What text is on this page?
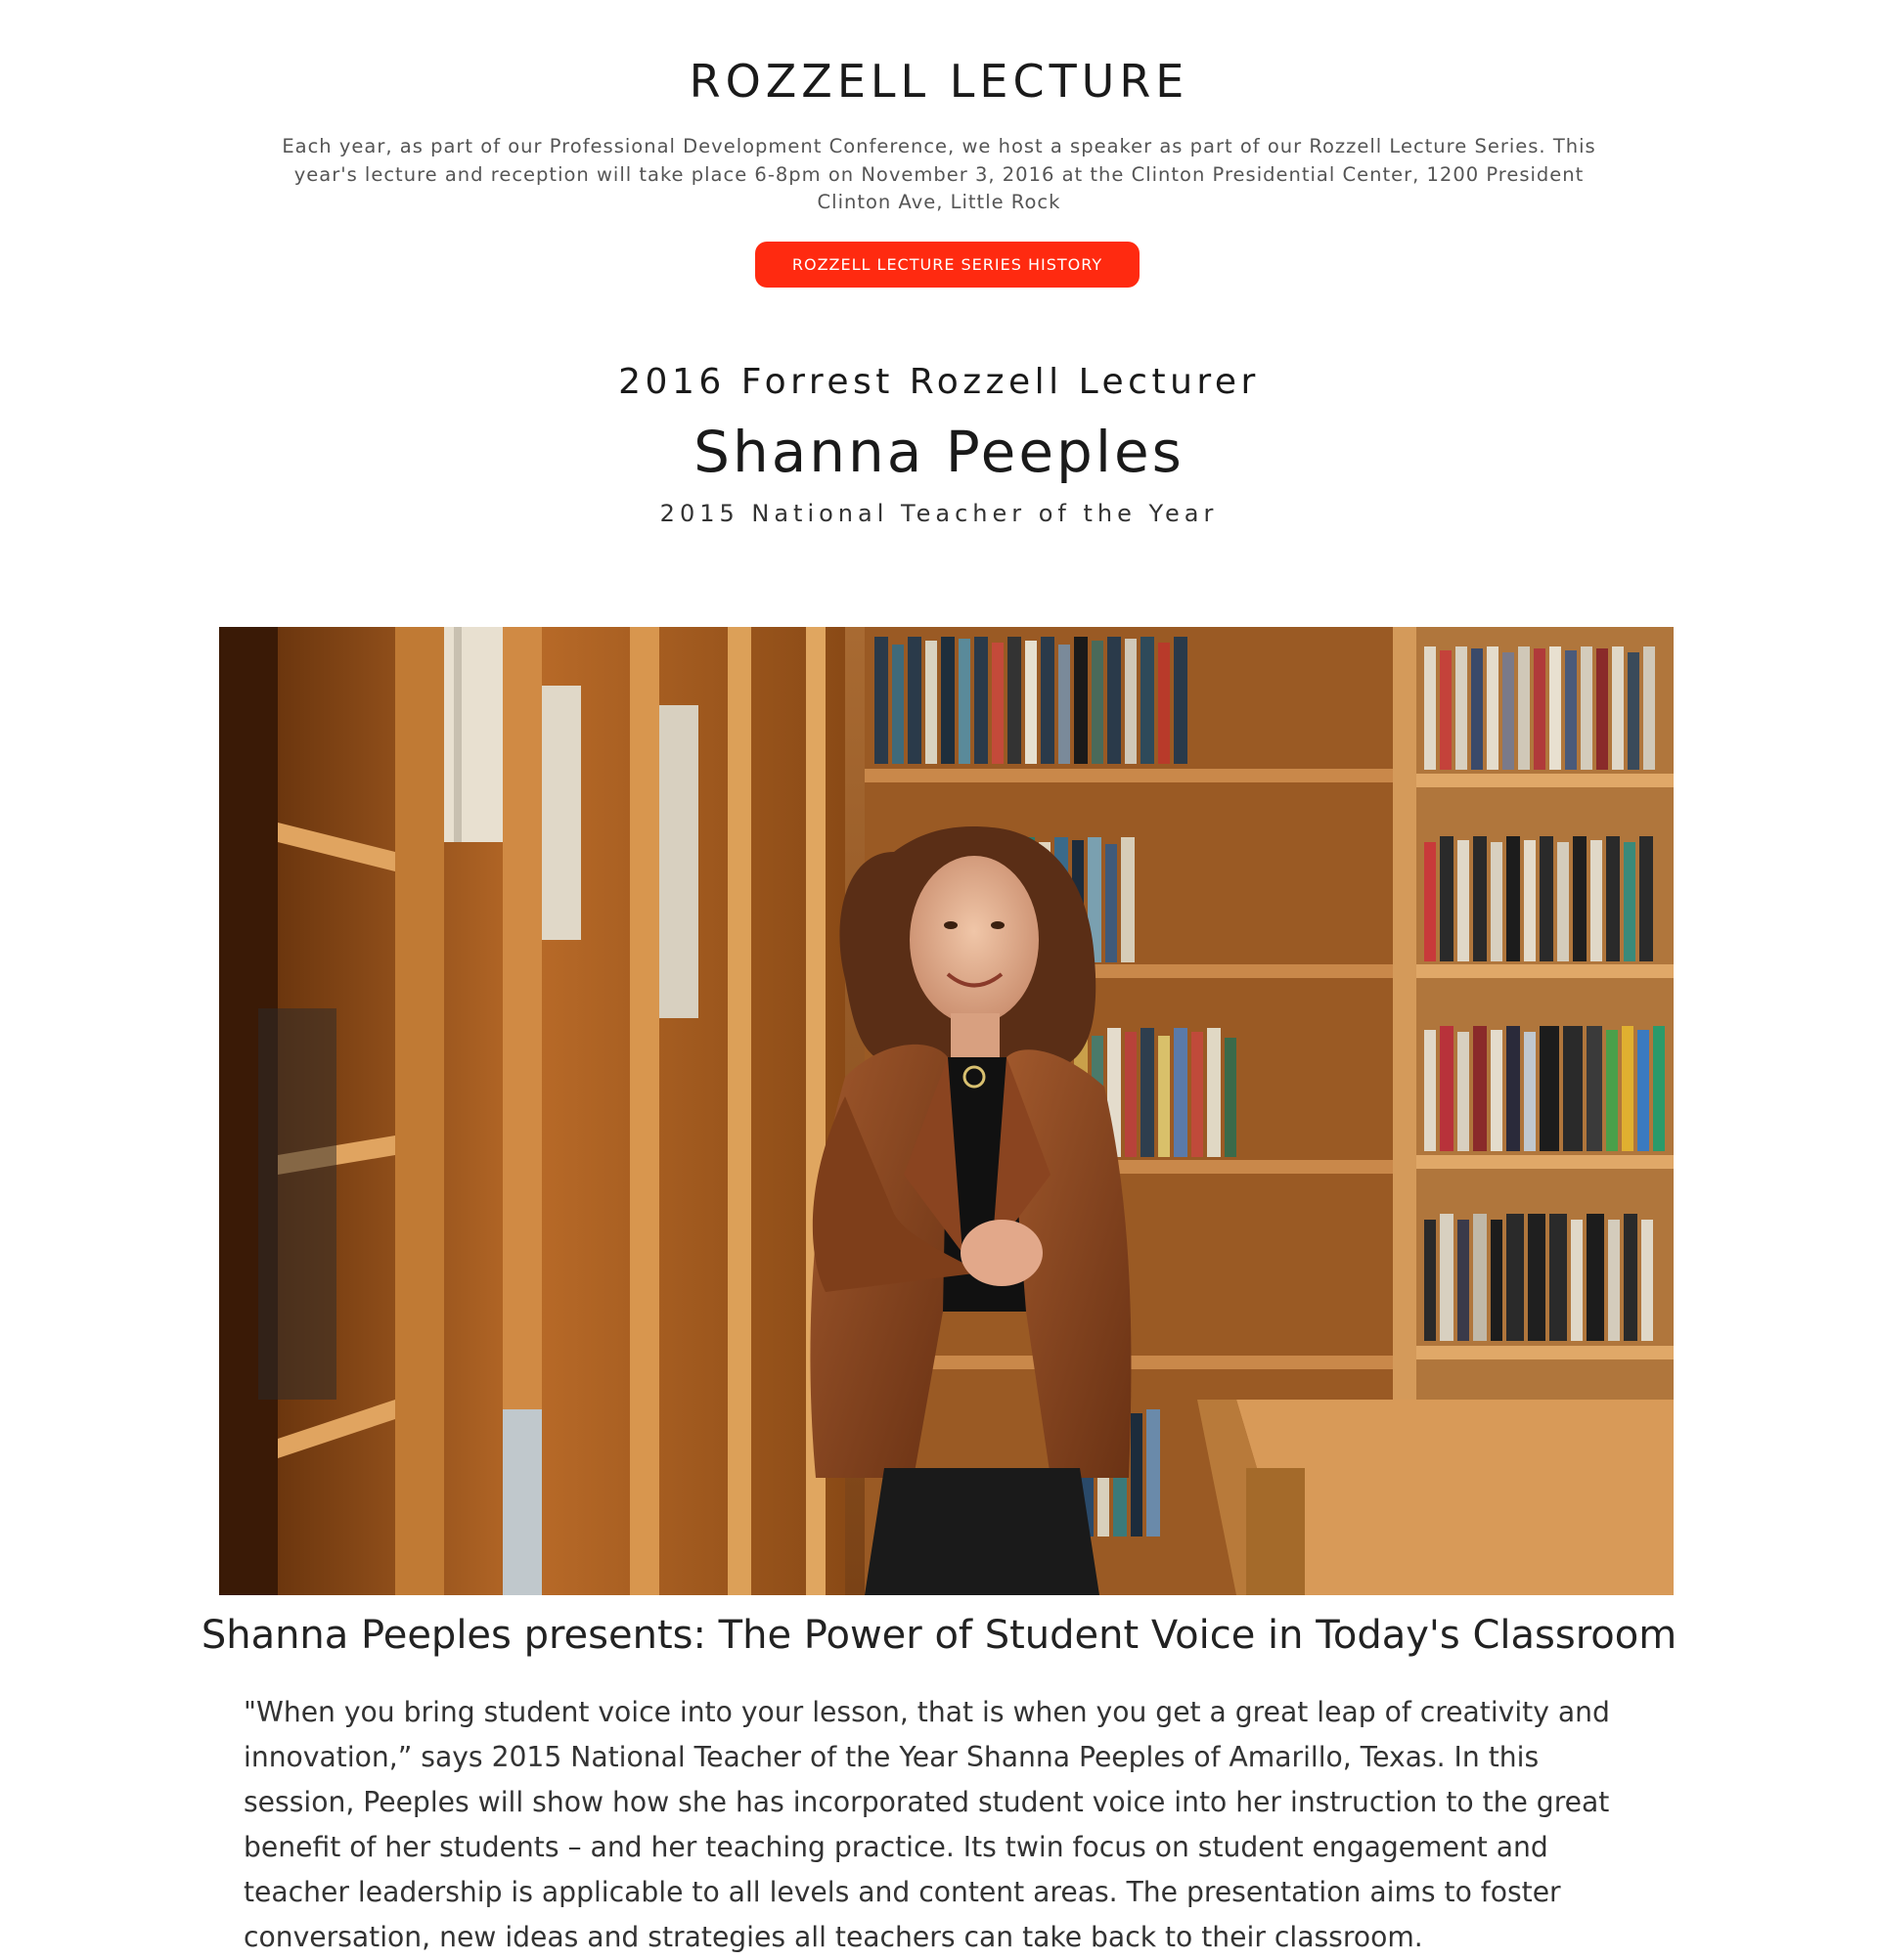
ROZZELL LECTURE

Each year, as part of our Professional Development Conference, we host a speaker as part of our Rozzell Lecture Series. This year's lecture and reception will take place 6-8pm on November 3, 2016 at the Clinton Presidential Center, 1200 President Clinton Ave, Little Rock

ROZZELL LECTURE SERIES HISTORY
2016 Forrest Rozzell Lecturer
Shanna Peeples
2015 National Teacher of the Year
Shanna Peeples presents: The Power of Student Voice in Today's Classroom

"When you bring student voice into your lesson, that is when you get a great leap of creativity and innovation,” says 2015 National Teacher of the Year Shanna Peeples of Amarillo, Texas. In this session, Peeples will show how she has incorporated student voice into her instruction to the great benefit of her students – and her teaching practice. Its twin focus on student engagement and teacher leadership is applicable to all levels and content areas. The presentation aims to foster conversation, new ideas and strategies all teachers can take back to their classroom.
